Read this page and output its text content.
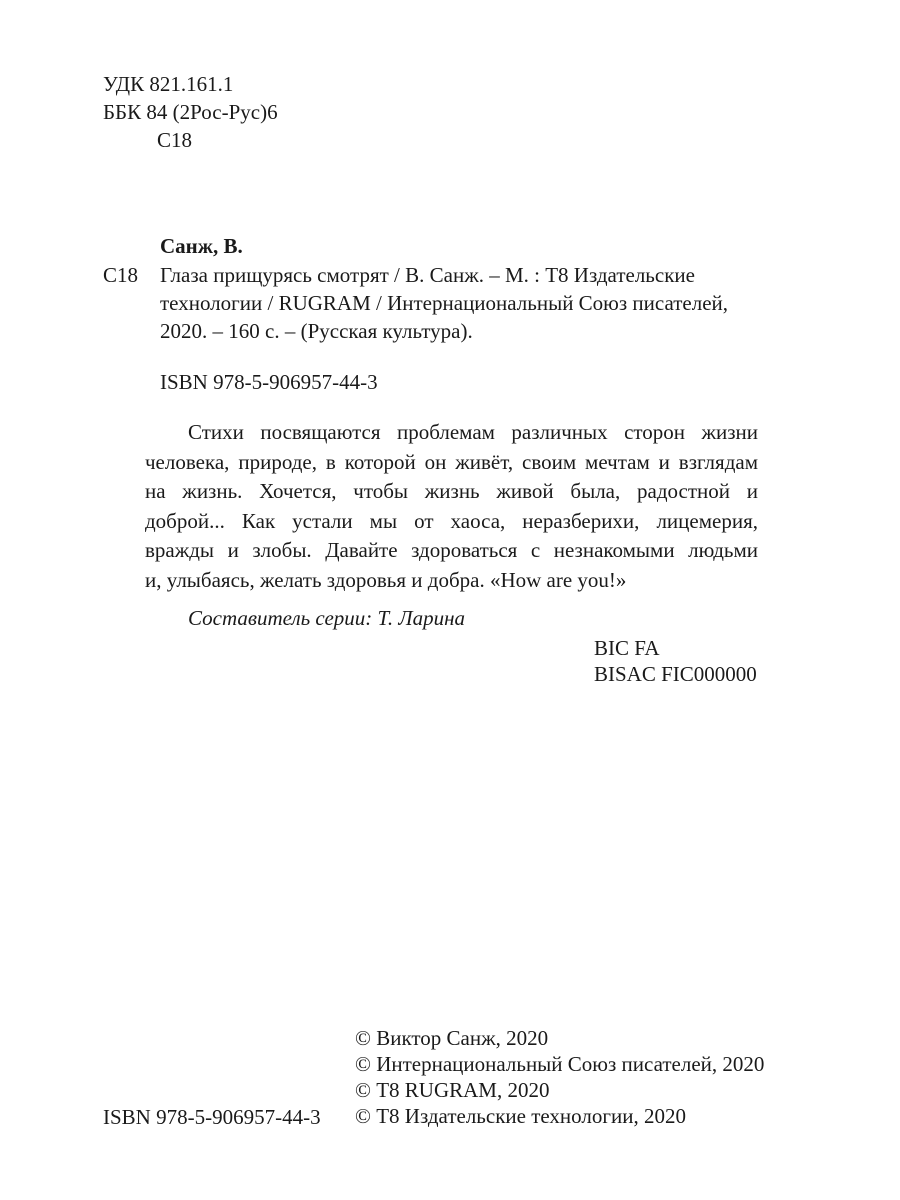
УДК 821.161.1
ББК 84 (2Рос-Рус)6
С18
Санж, В.
С18 Глаза прищурясь смотрят / В. Санж. – М. : Т8 Издательские
технологии / RUGRAM / Интернациональный Союз писателей,
2020. – 160 с. – (Русская культура).
ISBN 978-5-906957-44-3
Стихи посвящаются проблемам различных сторон жизни
человека, природе, в которой он живёт, своим мечтам и взглядам
на жизнь. Хочется, чтобы жизнь живой была, радостной и
доброй... Как устали мы от хаоса, неразберихи, лицемерия,
вражды и злобы. Давайте здороваться с незнакомыми людьми
и, улыбаясь, желать здоровья и добра. «How are you!»
Составитель серии: Т. Ларина
BIC FA
BISAC FIC000000
© Виктор Санж, 2020
© Интернациональный Союз писателей, 2020
© Т8 RUGRAM, 2020
© Т8 Издательские технологии, 2020
ISBN 978-5-906957-44-3
